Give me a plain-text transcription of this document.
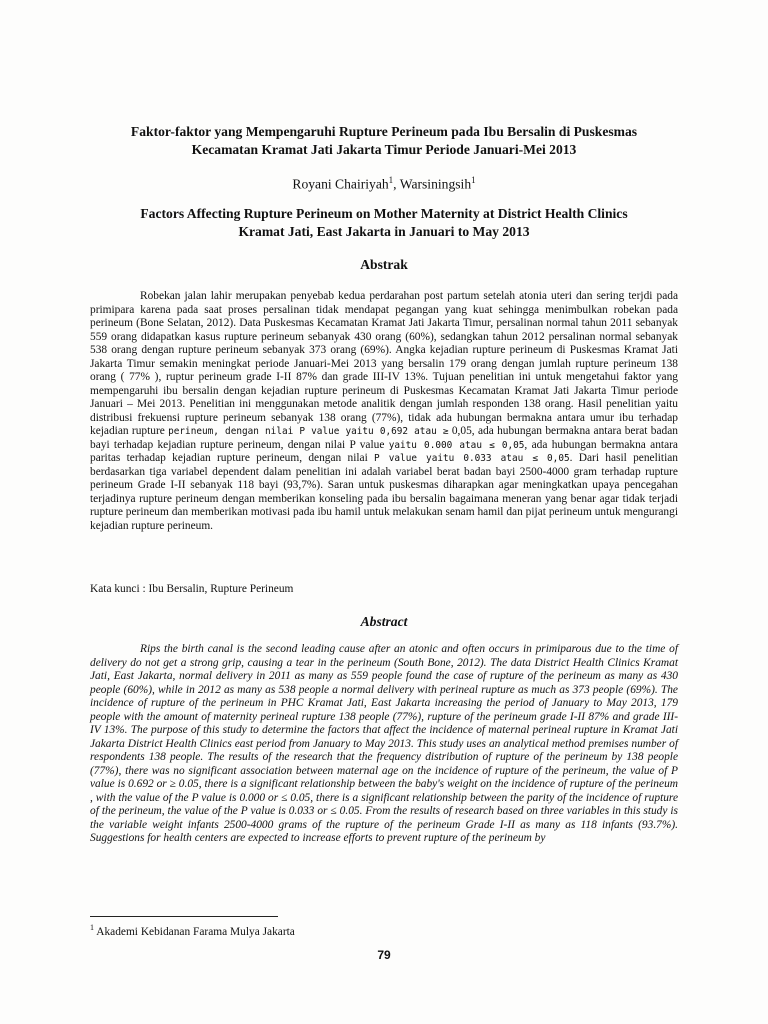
Faktor-faktor yang Mempengaruhi Rupture Perineum pada Ibu Bersalin di Puskesmas
Kecamatan Kramat Jati Jakarta Timur Periode Januari-Mei 2013

Royani Chairiyah$^1$, Warsiningsih$^1$

Factors Affecting Rupture Perineum on Mother Maternity at District Health Clinics
Kramat Jati, East Jakarta in Januari to May 2013
Abstrak

Robekan jalan lahir merupakan penyebab kedua perdarahan post partum setelah atonia uteri dan sering terjdi pada primipara karena pada saat proses persalinan tidak mendapat pegangan yang kuat sehingga menimbulkan robekan pada perineum (Bone Selatan, 2012). Data Puskesmas Kecamatan Kramat Jati Jakarta Timur, persalinan normal tahun 2011 sebanyak 559 orang didapatkan kasus rupture perineum sebanyak 430 orang (60%), sedangkan tahun 2012 persalinan normal sebanyak 538 orang dengan rupture perineum sebanyak 373 orang (69%). Angka kejadian rupture perineum di Puskesmas Kramat Jati Jakarta Timur semakin meningkat periode Januari-Mei 2013 yang bersalin 179 orang dengan jumlah rupture perineum 138 orang ( 77% ), ruptur perineum grade I-II 87% dan grade III-IV 13%. Tujuan penelitian ini untuk mengetahui faktor yang mempengaruhi ibu bersalin dengan kejadian rupture perineum di Puskesmas Kecamatan Kramat Jati Jakarta Timur periode Januari – Mei 2013. Penelitian ini menggunakan metode analitik dengan jumlah responden 138 orang. Hasil penelitian yaitu distribusi frekuensi rupture perineum sebanyak 138 orang (77%), tidak ada hubungan bermakna antara umur ibu terhadap kejadian rupture perineum, dengan nilai P value yaitu 0,692 atau ≥ 0,05, ada hubungan bermakna antara berat badan bayi terhadap kejadian rupture perineum, dengan nilai P value yaitu 0.000 atau ≤ 0,05, ada hubungan bermakna antara paritas terhadap kejadian rupture perineum, dengan nilai P value yaitu 0.033 atau ≤ 0,05. Dari hasil penelitian berdasarkan tiga variabel dependent dalam penelitian ini adalah variabel berat badan bayi 2500-4000 gram terhadap rupture perineum Grade I-II sebanyak 118 bayi (93,7%). Saran untuk puskesmas diharapkan agar meningkatkan upaya pencegahan terjadinya rupture perineum dengan memberikan konseling pada ibu bersalin bagaimana meneran yang benar agar tidak terjadi rupture perineum dan memberikan motivasi pada ibu hamil untuk melakukan senam hamil dan pijat perineum untuk mengurangi kejadian rupture perineum.

Kata kunci : Ibu Bersalin, Rupture Perineum

Abstract

Rips the birth canal is the second leading cause after an atonic and often occurs in primiparous due to the time of delivery do not get a strong grip, causing a tear in the perineum (South Bone, 2012). The data District Health Clinics Kramat Jati, East Jakarta, normal delivery in 2011 as many as 559 people found the case of rupture of the perineum as many as 430 people (60%), while in 2012 as many as 538 people a normal delivery with perineal rupture as much as 373 people (69%). The incidence of rupture of the perineum in PHC Kramat Jati, East Jakarta increasing the period of January to May 2013, 179 people with the amount of maternity perineal rupture 138 people (77%), rupture of the perineum grade I-II 87% and grade III-IV 13%. The purpose of this study to determine the factors that affect the incidence of maternal perineal rupture in Kramat Jati Jakarta District Health Clinics east period from January to May 2013. This study uses an analytical method premises number of respondents 138 people. The results of the research that the frequency distribution of rupture of the perineum by 138 people (77%), there was no significant association between maternal age on the incidence of rupture of the perineum, the value of P value is 0.692 or ≥ 0.05, there is a significant relationship between the baby's weight on the incidence of rupture of the perineum , with the value of the P value is 0.000 or ≤ 0.05, there is a significant relationship between the parity of the incidence of rupture of the perineum, the value of the P value is 0.033 or ≤ 0.05. From the results of research based on three variables in this study is the variable weight infants 2500-4000 grams of the rupture of the perineum Grade I-II as many as 118 infants (93.7%). Suggestions for health centers are expected to increase efforts to prevent rupture of the perineum by

$^1$ Akademi Kebidanan Farama Mulya Jakarta

79
